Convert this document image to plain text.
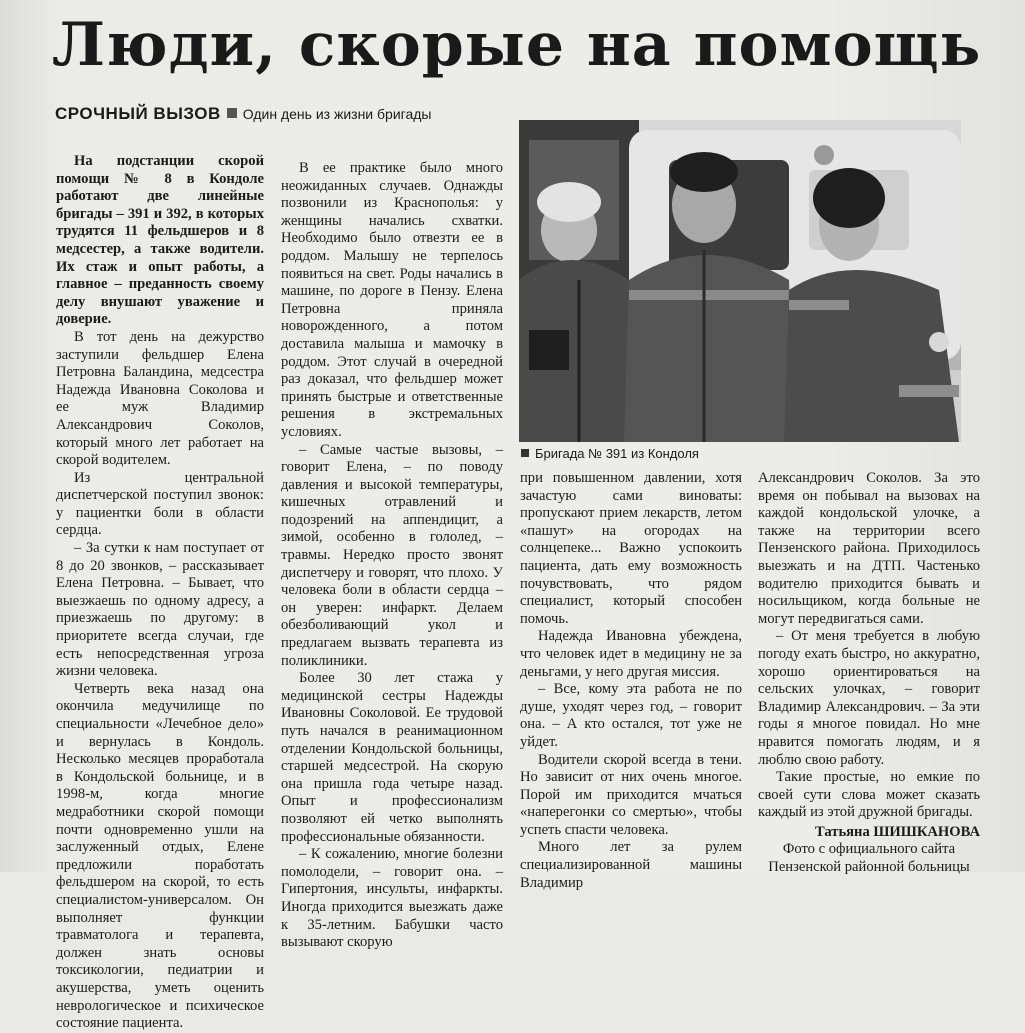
Люди, скорые на помощь
СРОЧНЫЙ ВЫЗОВ Один день из жизни бригады

На подстанции скорой помощи № 8 в Кондоле работают две линейные бригады – 391 и 392, в которых трудятся 11 фельдшеров и 8 медсестер, а также водители. Их стаж и опыт работы, а главное – преданность своему делу внушают уважение и доверие.

В тот день на дежурство заступили фельдшер Елена Петровна Баландина, медсестра Надежда Ивановна Соколова и ее муж Владимир Александрович Соколов, который много лет работает на скорой водителем.

Из центральной диспетчерской поступил звонок: у пациентки боли в области сердца.

– За сутки к нам поступает от 8 до 20 звонков, – рассказывает Елена Петровна. – Бывает, что выезжаешь по одному адресу, а приезжаешь по другому: в приоритете всегда случаи, где есть непосредственная угроза жизни человека.

Четверть века назад она окончила медучилище по специальности «Лечебное дело» и вернулась в Кондоль. Несколько месяцев проработала в Кондольской больнице, и в 1998-м, когда многие медработники скорой помощи почти одновременно ушли на заслуженный отдых, Елене предложили поработать фельдшером на скорой, то есть специалистом-универсалом. Он выполняет функции травматолога и терапевта, должен знать основы токсикологии, педиатрии и акушерства, уметь оценить неврологическое и психическое состояние пациента.

В ее практике было много неожиданных случаев. Однажды позвонили из Краснополья: у женщины начались схватки. Необходимо было отвезти ее в роддом. Малышу не терпелось появиться на свет. Роды начались в машине, по дороге в Пензу. Елена Петровна приняла новорожденного, а потом доставила малыша и мамочку в роддом. Этот случай в очередной раз доказал, что фельдшер может принять быстрые и ответственные решения в экстремальных условиях.

– Самые частые вызовы, – говорит Елена, – по поводу давления и высокой температуры, кишечных отравлений и подозрений на аппендицит, а зимой, особенно в гололед, – травмы. Нередко просто звонят диспетчеру и говорят, что плохо. У человека боли в области сердца – он уверен: инфаркт. Делаем обезболивающий укол и предлагаем вызвать терапевта из поликлиники.

Более 30 лет стажа у медицинской сестры Надежды Ивановны Соколовой. Ее трудовой путь начался в реанимационном отделении Кондольской больницы, старшей медсестрой. На скорую она пришла года четыре назад. Опыт и профессионализм позволяют ей четко выполнять профессиональные обязанности.

– К сожалению, многие болезни помолодели, – говорит она. – Гипертония, инсульты, инфаркты. Иногда приходится выезжать даже к 35-летним. Бабушки часто вызывают скорую

Бригада № 391 из Кондоля

при повышенном давлении, хотя зачастую сами виноваты: пропускают прием лекарств, летом «пашут» на огородах на солнцепеке... Важно успокоить пациента, дать ему возможность почувствовать, что рядом специалист, который способен помочь.

Надежда Ивановна убеждена, что человек идет в медицину не за деньгами, у него другая миссия.

– Все, кому эта работа не по душе, уходят через год, – говорит она. – А кто остался, тот уже не уйдет.

Водители скорой всегда в тени. Но зависит от них очень многое. Порой им приходится мчаться «наперегонки со смертью», чтобы успеть спасти человека.

Много лет за рулем специализированной машины Владимир

Александрович Соколов. За это время он побывал на вызовах на каждой кондольской улочке, а также на территории всего Пензенского района. Приходилось выезжать и на ДТП. Частенько водителю приходится бывать и носильщиком, когда больные не могут передвигаться сами.

– От меня требуется в любую погоду ехать быстро, но аккуратно, хорошо ориентироваться на сельских улочках, – говорит Владимир Александрович. – За эти годы я многое повидал. Но мне нравится помогать людям, и я люблю свою работу.

Такие простые, но емкие по своей сути слова может сказать каждый из этой дружной бригады.

Татьяна ШИШКАНОВА

Фото с официального сайта Пензенской районной больницы
